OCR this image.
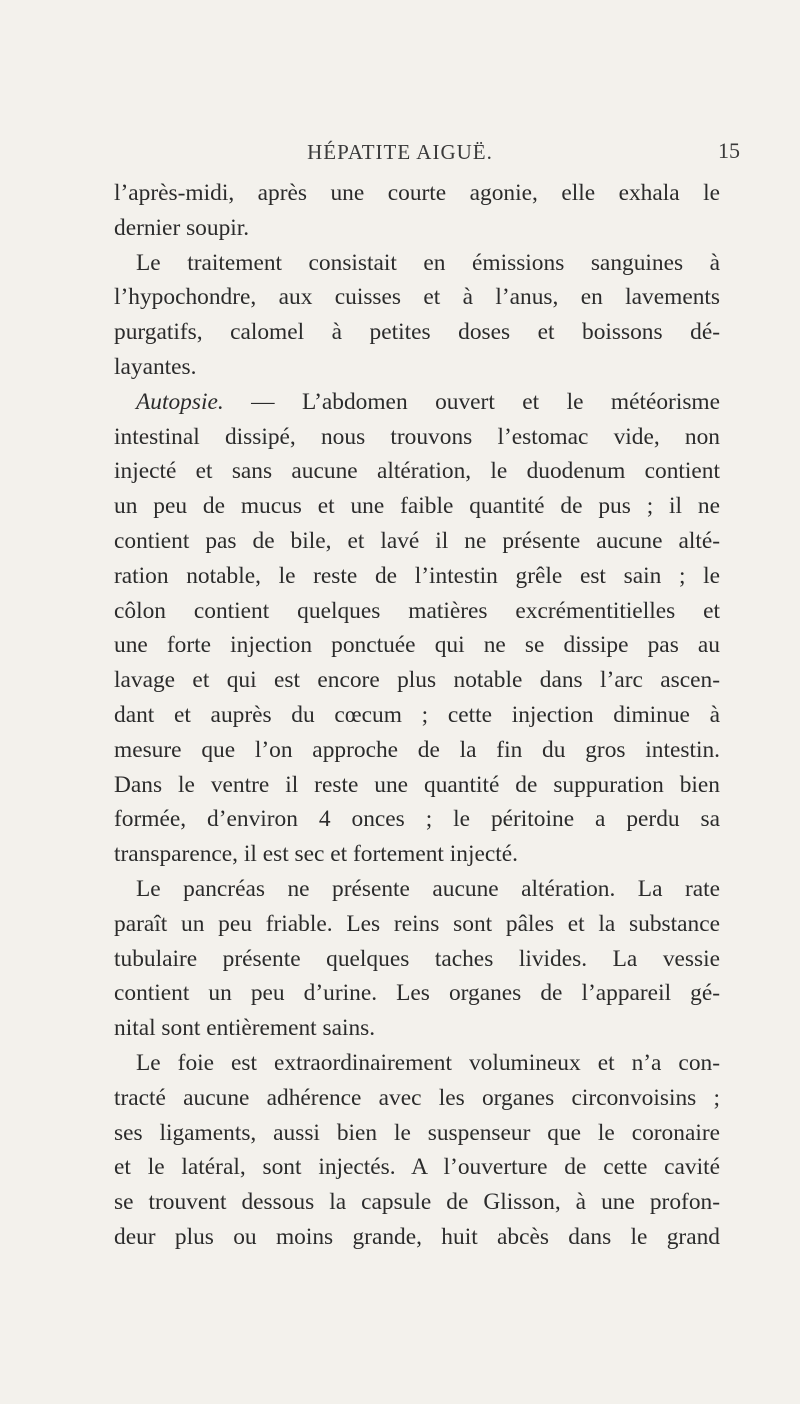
HÉPATITE AIGUË.	15
l’après-midi, après une courte agonie, elle exhala le
dernier soupir.
Le traitement consistait en émissions sanguines à
l’hypochondre, aux cuisses et à l’anus, en lavements
purgatifs, calomel à petites doses et boissons dé-
layantes.
Autopsie. — L’abdomen ouvert et le météorisme
intestinal dissipé, nous trouvons l’estomac vide, non
injecté et sans aucune altération, le duodenum contient
un peu de mucus et une faible quantité de pus ; il ne
contient pas de bile, et lavé il ne présente aucune alté-
ration notable, le reste de l’intestin grêle est sain ; le
côlon contient quelques matières excrémentitielles et
une forte injection ponctuée qui ne se dissipe pas au
lavage et qui est encore plus notable dans l’arc ascen-
dant et auprès du cœcum ; cette injection diminue à
mesure que l’on approche de la fin du gros intestin.
Dans le ventre il reste une quantité de suppuration bien
formée, d’environ 4 onces ; le péritoine a perdu sa
transparence, il est sec et fortement injecté.
Le pancréas ne présente aucune altération. La rate
paraît un peu friable. Les reins sont pâles et la substance
tubulaire présente quelques taches livides. La vessie
contient un peu d’urine. Les organes de l’appareil gé-
nital sont entièrement sains.
Le foie est extraordinairement volumineux et n’a con-
tracté aucune adhérence avec les organes circonvoisins ;
ses ligaments, aussi bien le suspenseur que le coronaire
et le latéral, sont injectés. A l’ouverture de cette cavité
se trouvent dessous la capsule de Glisson, à une profon-
deur plus ou moins grande, huit abcès dans le grand
